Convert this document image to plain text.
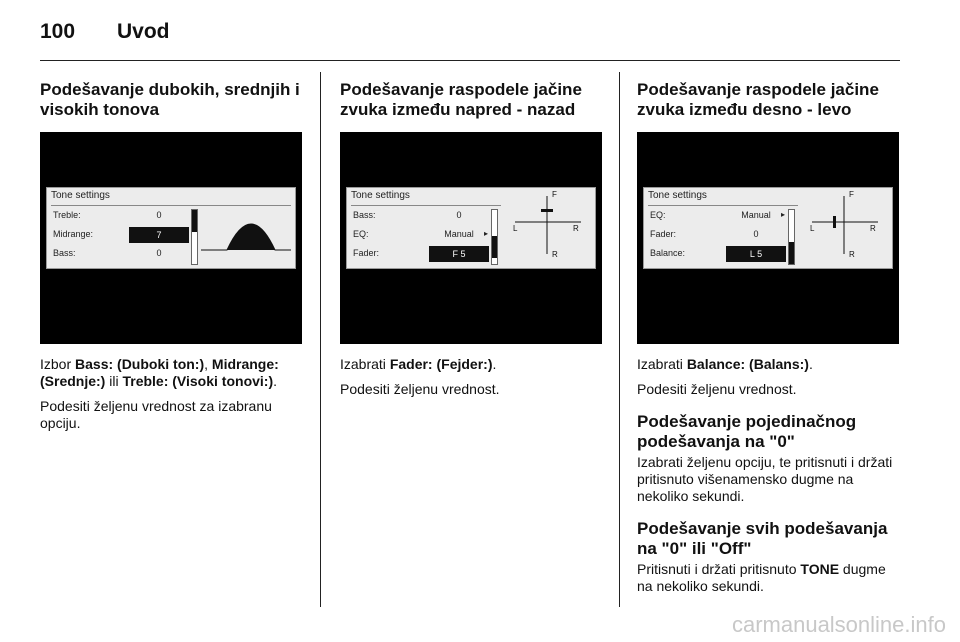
100 Uvod
Podešavanje dubokih, srednjih i visokih tonova
Tone settings
Treble:	0
Midrange:	7
Bass:	0

Izbor Bass: (Duboki ton:), Midrange: (Srednje:) ili Treble: (Visoki tonovi:).

Podesiti željenu vrednost za izabranu opciju.

Podešavanje raspodele jačine zvuka između napred - nazad
Tone settings
Bass:	0
EQ:	Manual	▸
Fader:	F 5
F
L	R
R

Izabrati Fader: (Fejder:).

Podesiti željenu vrednost.

Podešavanje raspodele jačine zvuka između desno - levo
Tone settings
EQ:	Manual	▸
Fader:	0
Balance:	L 5
F
L	R
R

Izabrati Balance: (Balans:).

Podesiti željenu vrednost.

Podešavanje pojedinačnog podešavanja na "0"

Izabrati željenu opciju, te pritisnuti i držati pritisnuto višenamensko dugme na nekoliko sekundi.

Podešavanje svih podešavanja na "0" ili "Off"

Pritisnuti i držati pritisnuto TONE dugme na nekoliko sekundi.

carmanualsonline.info
